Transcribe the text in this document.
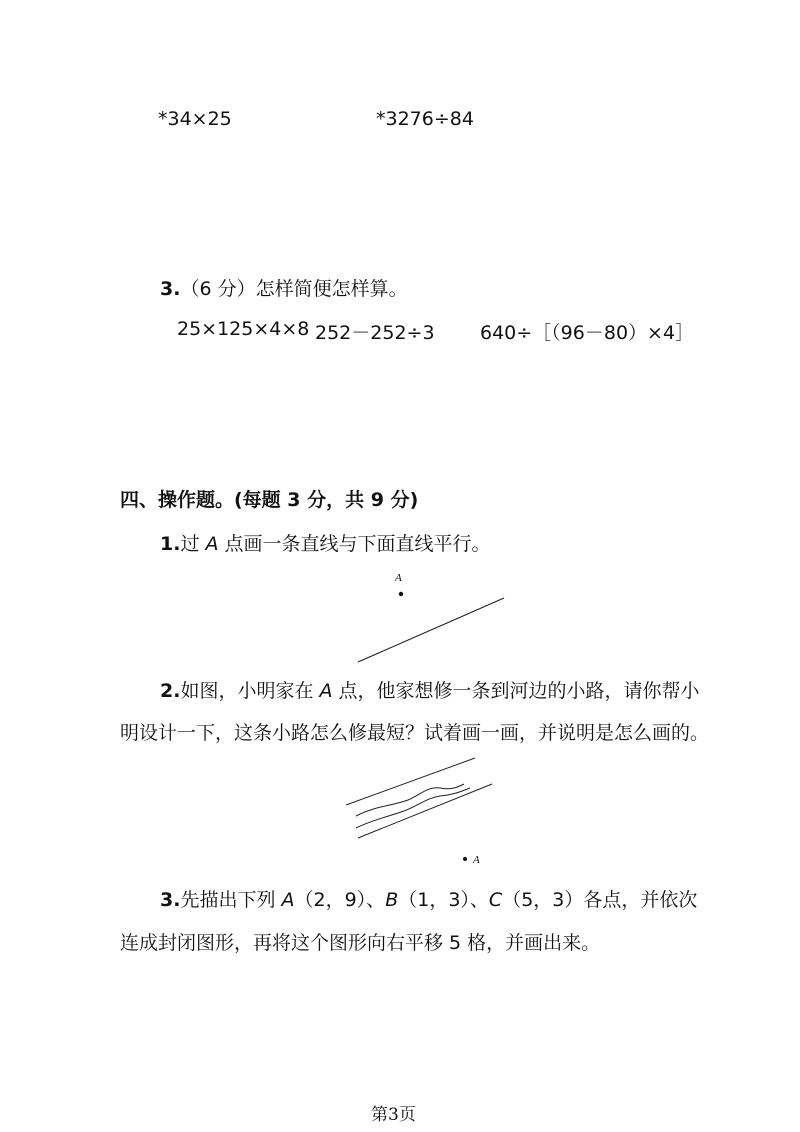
*34×25	*3276÷84

3.（6 分）怎样简便怎样算。

25×125×4×8 252－252÷3 640÷［（96－80）×4］

四、操作题。(每题 3 分，共 9 分)

1.过 A 点画一条直线与下面直线平行。

2.如图，小明家在 A 点，他家想修一条到河边的小路，请你帮小

明设计一下，这条小路怎么修最短？试着画一画，并说明是怎么画的。

3.先描出下列 A（2，9）、B（1，3）、C（5，3）各点，并依次

连成封闭图形，再将这个图形向右平移 5 格，并画出来。

A
A

第3页
